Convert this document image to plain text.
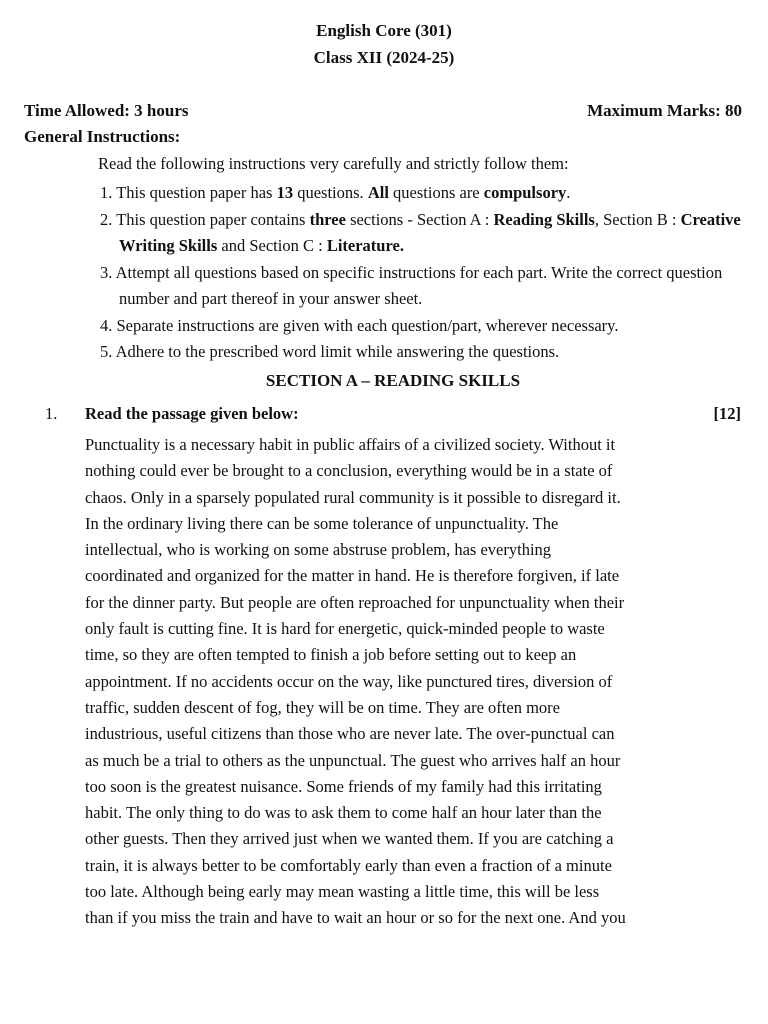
English Core (301)
Class XII (2024-25)
Time Allowed: 3 hours	Maximum Marks: 80
General Instructions:
Read the following instructions very carefully and strictly follow them:
1. This question paper has 13 questions. All questions are compulsory.
2. This question paper contains three sections - Section A : Reading Skills, Section B : Creative Writing Skills and Section C : Literature.
3. Attempt all questions based on specific instructions for each part. Write the correct question number and part thereof in your answer sheet.
4. Separate instructions are given with each question/part, wherever necessary.
5. Adhere to the prescribed word limit while answering the questions.
SECTION A – READING SKILLS
1. Read the passage given below:	[12]
Punctuality is a necessary habit in public affairs of a civilized society. Without it
nothing could ever be brought to a conclusion, everything would be in a state of
chaos. Only in a sparsely populated rural community is it possible to disregard it.
In the ordinary living there can be some tolerance of unpunctuality. The
intellectual, who is working on some abstruse problem, has everything
coordinated and organized for the matter in hand. He is therefore forgiven, if late
for the dinner party. But people are often reproached for unpunctuality when their
only fault is cutting fine. It is hard for energetic, quick-minded people to waste
time, so they are often tempted to finish a job before setting out to keep an
appointment. If no accidents occur on the way, like punctured tires, diversion of
traffic, sudden descent of fog, they will be on time. They are often more
industrious, useful citizens than those who are never late. The over-punctual can
as much be a trial to others as the unpunctual. The guest who arrives half an hour
too soon is the greatest nuisance. Some friends of my family had this irritating
habit. The only thing to do was to ask them to come half an hour later than the
other guests. Then they arrived just when we wanted them. If you are catching a
train, it is always better to be comfortably early than even a fraction of a minute
too late. Although being early may mean wasting a little time, this will be less
than if you miss the train and have to wait an hour or so for the next one. And you
